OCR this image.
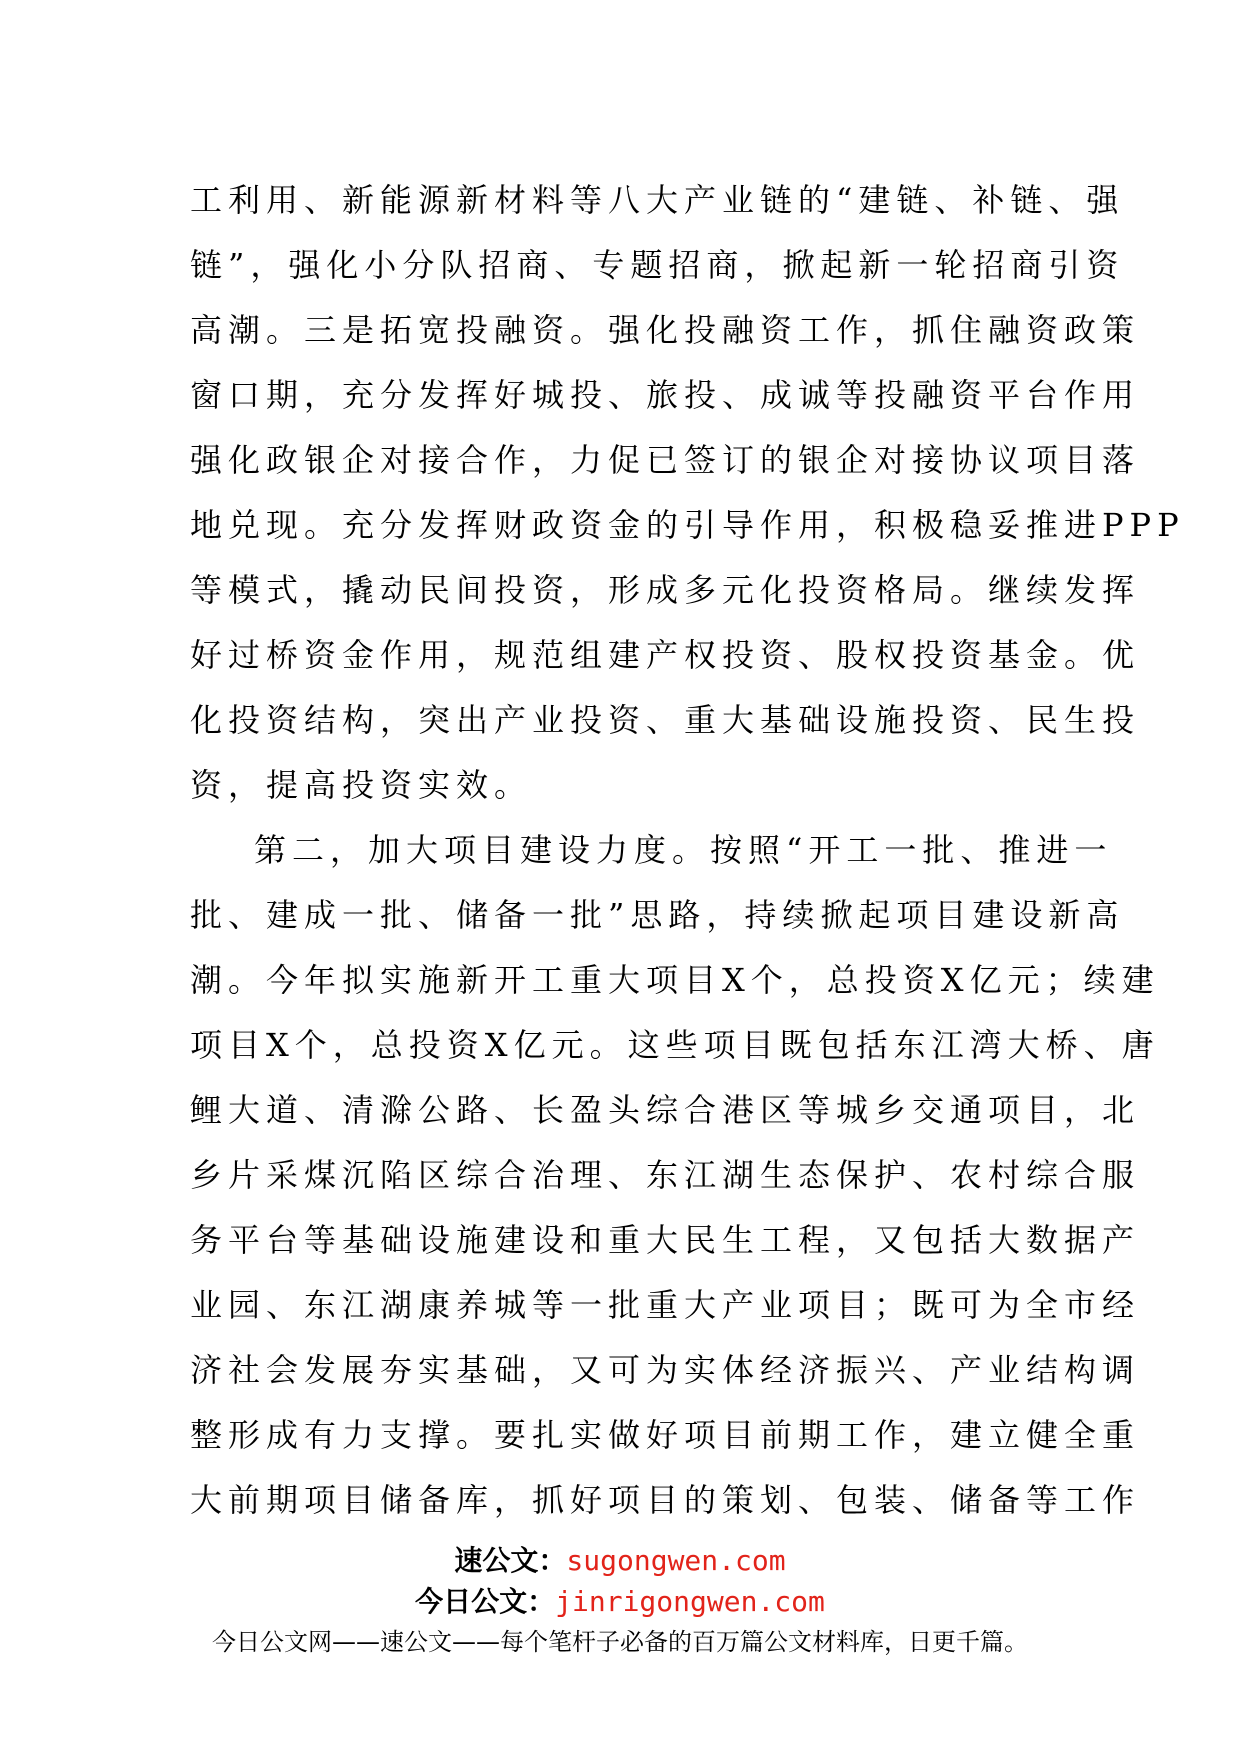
工利用、新能源新材料等八大产业链的“建链、补链、强
链”，强化小分队招商、专题招商，掀起新一轮招商引资
高潮。三是拓宽投融资。强化投融资工作，抓住融资政策
窗口期，充分发挥好城投、旅投、成诚等投融资平台作用
强化政银企对接合作，力促已签订的银企对接协议项目落
地兑现。充分发挥财政资金的引导作用，积极稳妥推进PPP
等模式，撬动民间投资，形成多元化投资格局。继续发挥
好过桥资金作用，规范组建产权投资、股权投资基金。优
化投资结构，突出产业投资、重大基础设施投资、民生投
资，提高投资实效。
第二，加大项目建设力度。按照“开工一批、推进一
批、建成一批、储备一批”思路，持续掀起项目建设新高
潮。今年拟实施新开工重大项目X个，总投资X亿元；续建
项目X个，总投资X亿元。这些项目既包括东江湾大桥、唐
鲤大道、清滁公路、长盈头综合港区等城乡交通项目，北
乡片采煤沉陷区综合治理、东江湖生态保护、农村综合服
务平台等基础设施建设和重大民生工程，又包括大数据产
业园、东江湖康养城等一批重大产业项目；既可为全市经
济社会发展夯实基础，又可为实体经济振兴、产业结构调
整形成有力支撑。要扎实做好项目前期工作，建立健全重
大前期项目储备库，抓好项目的策划、包装、储备等工作
速公文：sugongwen.com
今日公文：jinrigongwen.com
今日公文网——速公文——每个笔杆子必备的百万篇公文材料库，日更千篇。
